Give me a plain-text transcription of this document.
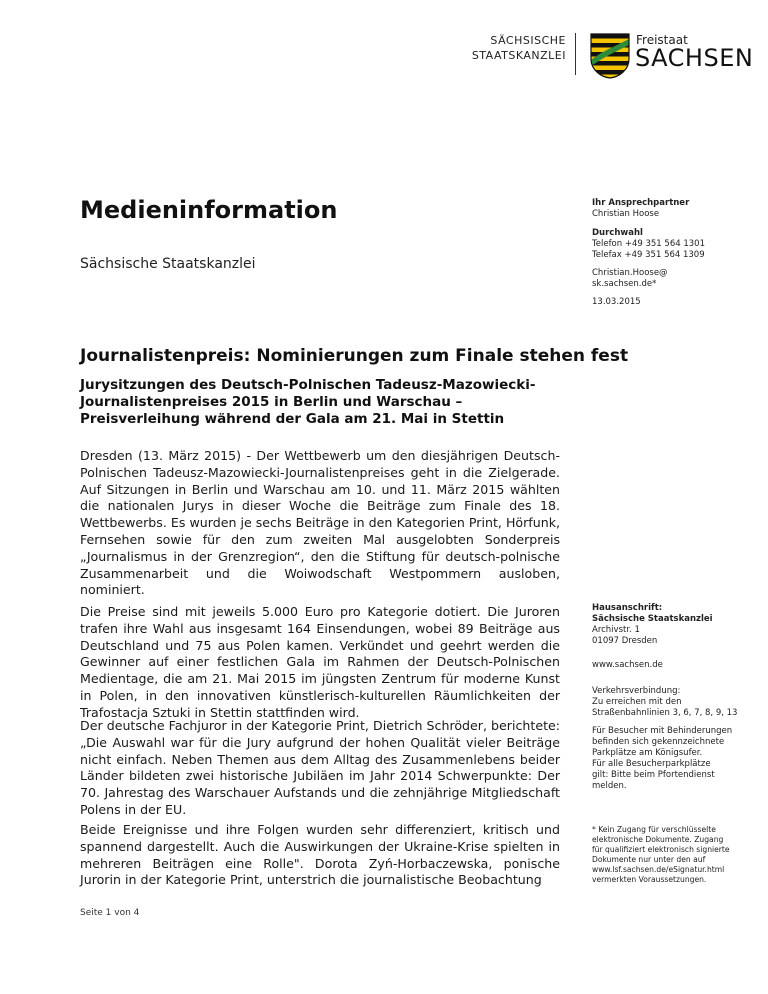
SÄCHSISCHE
STAATSKANZLEI
Freistaat
SACHSEN
Medieninformation
Sächsische Staatskanzlei
Ihr Ansprechpartner
Christian Hoose
Durchwahl
Telefon +49 351 564 1301
Telefax +49 351 564 1309
Christian.Hoose@
sk.sachsen.de*
13.03.2015
Hausanschrift:
Sächsische Staatskanzlei
Archivstr. 1
01097 Dresden
www.sachsen.de
Verkehrsverbindung:
Zu erreichen mit den
Straßenbahnlinien 3, 6, 7, 8, 9, 13
Für Besucher mit Behinderungen
befinden sich gekennzeichnete
Parkplätze am Königsufer.
Für alle Besucherparkplätze
gilt: Bitte beim Pfortendienst
melden.
* Kein Zugang für verschlüsselte
elektronische Dokumente. Zugang
für qualifiziert elektronisch signierte
Dokumente nur unter den auf
www.lsf.sachsen.de/eSignatur.html
vermerkten Voraussetzungen.
Journalistenpreis: Nominierungen zum Finale stehen fest
Jurysitzungen des Deutsch-Polnischen Tadeusz-Mazowiecki-Journalistenpreises 2015 in Berlin und Warschau – Preisverleihung während der Gala am 21. Mai in Stettin
Dresden (13. März 2015) - Der Wettbewerb um den diesjährigen Deutsch-Polnischen Tadeusz-Mazowiecki-Journalistenpreises geht in die Zielgerade. Auf Sitzungen in Berlin und Warschau am 10. und 11. März 2015 wählten die nationalen Jurys in dieser Woche die Beiträge zum Finale des 18. Wettbewerbs. Es wurden je sechs Beiträge in den Kategorien Print, Hörfunk, Fernsehen sowie für den zum zweiten Mal ausgelobten Sonderpreis „Journalismus in der Grenzregion“, den die Stiftung für deutsch-polnische Zusammenarbeit und die Woiwodschaft Westpommern ausloben, nominiert.
Die Preise sind mit jeweils 5.000 Euro pro Kategorie dotiert. Die Juroren trafen ihre Wahl aus insgesamt 164 Einsendungen, wobei 89 Beiträge aus Deutschland und 75 aus Polen kamen. Verkündet und geehrt werden die Gewinner auf einer festlichen Gala im Rahmen der Deutsch-Polnischen Medientage, die am 21. Mai 2015 im jüngsten Zentrum für moderne Kunst in Polen, in den innovativen künstlerisch-kulturellen Räumlichkeiten der Trafostacja Sztuki in Stettin stattfinden wird.
Der deutsche Fachjuror in der Kategorie Print, Dietrich Schröder, berichtete: „Die Auswahl war für die Jury aufgrund der hohen Qualität vieler Beiträge nicht einfach. Neben Themen aus dem Alltag des Zusammenlebens beider Länder bildeten zwei historische Jubiläen im Jahr 2014 Schwerpunkte: Der 70. Jahrestag des Warschauer Aufstands und die zehnjährige Mitgliedschaft Polens in der EU.
Beide Ereignisse und ihre Folgen wurden sehr differenziert, kritisch und spannend dargestellt. Auch die Auswirkungen der Ukraine-Krise spielten in mehreren Beiträgen eine Rolle". Dorota Zyń-Horbaczewska, ponische Jurorin in der Kategorie Print, unterstrich die journalistische Beobachtung
Seite 1 von 4
